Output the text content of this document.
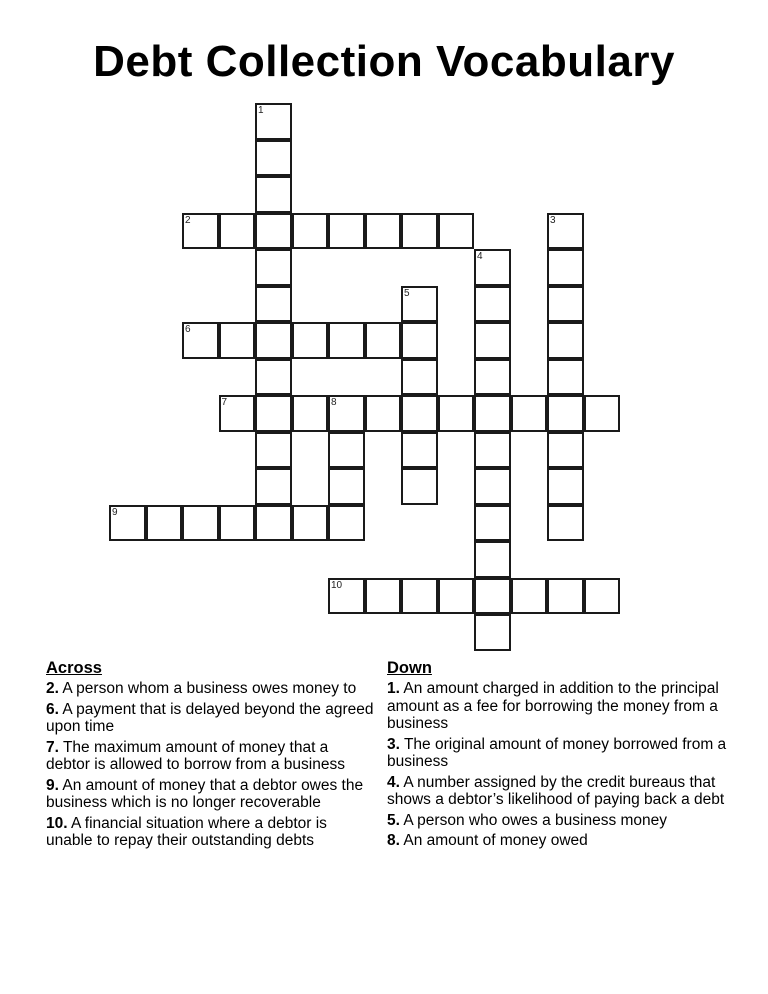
Debt Collection Vocabulary
1
2	3
4
5
6
7	8
9
10
Across
2. A person whom a business owes money to
6. A payment that is delayed beyond the agreed upon time
7. The maximum amount of money that a debtor is allowed to borrow from a business
9. An amount of money that a debtor owes the business which is no longer recoverable
10. A financial situation where a debtor is unable to repay their outstanding debts
Down
1. An amount charged in addition to the principal amount as a fee for borrowing the money from a business
3. The original amount of money borrowed from a business
4. A number assigned by the credit bureaus that shows a debtor’s likelihood of paying back a debt
5. A person who owes a business money
8. An amount of money owed
